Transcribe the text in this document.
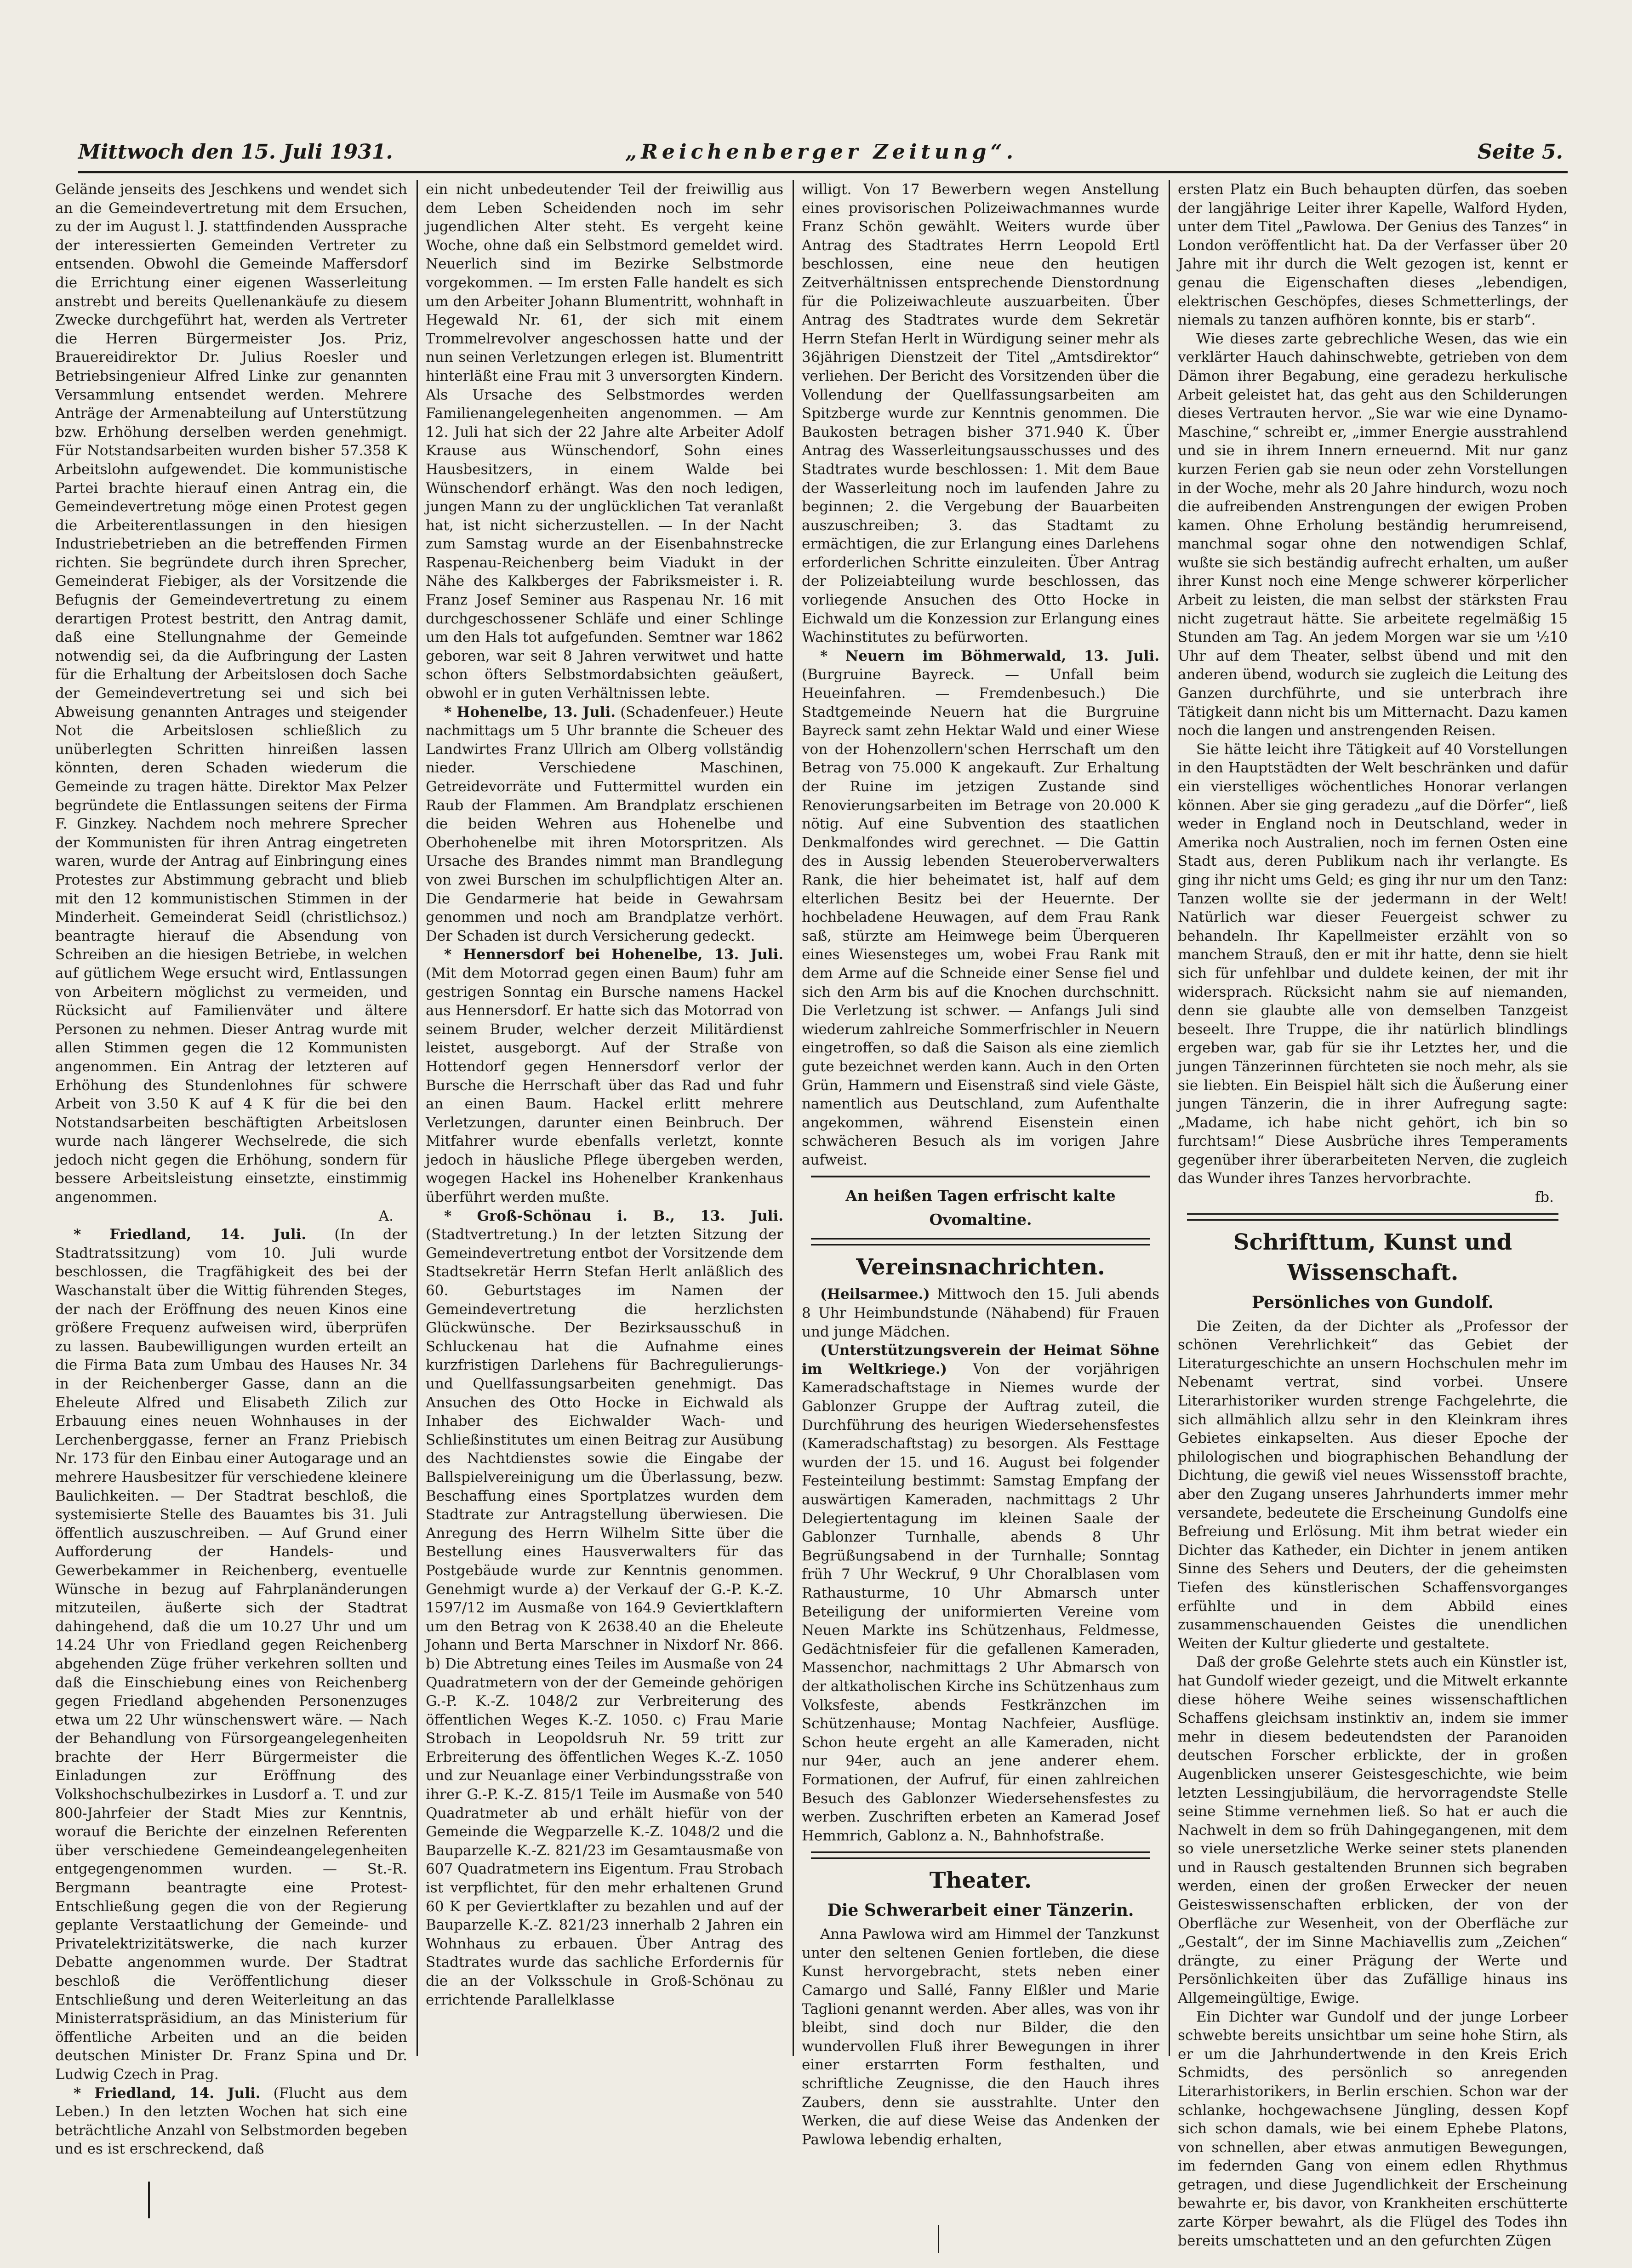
Mittwoch den 15. Juli 1931.	„Reichenberger Zeitung“.	Seite 5.

Gelände jenseits des Jeschkens und wendet sich an die Gemeindevertretung mit dem Ersuchen, zu der im August l. J. stattfindenden Aussprache der interessierten Gemeinden Vertreter zu entsenden. Obwohl die Gemeinde Maffersdorf die Errichtung einer eigenen Wasserleitung anstrebt und bereits Quellenankäufe zu diesem Zwecke durchgeführt hat, werden als Vertreter die Herren Bürgermeister Jos. Priz, Brauereidirektor Dr. Julius Roesler und Betriebsingenieur Alfred Linke zur genannten Versammlung entsendet werden. Mehrere Anträge der Armenabteilung auf Unterstützung bzw. Erhöhung derselben werden genehmigt. Für Notstandsarbeiten wurden bisher 57.358 K Arbeitslohn aufgewendet. Die kommunistische Partei brachte hierauf einen Antrag ein, die Gemeindevertretung möge einen Protest gegen die Arbeiterentlassungen in den hiesigen Industriebetrieben an die betreffenden Firmen richten. Sie begründete durch ihren Sprecher, Gemeinderat Fiebiger, als der Vorsitzende die Befugnis der Gemeindevertretung zu einem derartigen Protest bestritt, den Antrag damit, daß eine Stellungnahme der Gemeinde notwendig sei, da die Aufbringung der Lasten für die Erhaltung der Arbeitslosen doch Sache der Gemeindevertretung sei und sich bei Abweisung genannten Antrages und steigender Not die Arbeitslosen schließlich zu unüberlegten Schritten hinreißen lassen könnten, deren Schaden wiederum die Gemeinde zu tragen hätte. Direktor Max Pelzer begründete die Entlassungen seitens der Firma F. Ginzkey. Nachdem noch mehrere Sprecher der Kommunisten für ihren Antrag eingetreten waren, wurde der Antrag auf Einbringung eines Protestes zur Abstimmung gebracht und blieb mit den 12 kommunistischen Stimmen in der Minderheit. Gemeinderat Seidl (christlichsoz.) beantragte hierauf die Absendung von Schreiben an die hiesigen Betriebe, in welchen auf gütlichem Wege ersucht wird, Entlassungen von Arbeitern möglichst zu vermeiden, und Rücksicht auf Familienväter und ältere Personen zu nehmen. Dieser Antrag wurde mit allen Stimmen gegen die 12 Kommunisten angenommen. Ein Antrag der letzteren auf Erhöhung des Stundenlohnes für schwere Arbeit von 3.50 K auf 4 K für die bei den Notstandsarbeiten beschäftigten Arbeitslosen wurde nach längerer Wechselrede, die sich jedoch nicht gegen die Erhöhung, sondern für bessere Arbeitsleistung einsetzte, einstimmig angenommen.

A.

* Friedland, 14. Juli. (In der Stadtratssitzung) vom 10. Juli wurde beschlossen, die Tragfähigkeit des bei der Waschanstalt über die Wittig führenden Steges, der nach der Eröffnung des neuen Kinos eine größere Frequenz aufweisen wird, überprüfen zu lassen. Baubewilligungen wurden erteilt an die Firma Bata zum Umbau des Hauses Nr. 34 in der Reichenberger Gasse, dann an die Eheleute Alfred und Elisabeth Zilich zur Erbauung eines neuen Wohnhauses in der Lerchenberggasse, ferner an Franz Priebisch Nr. 173 für den Einbau einer Autogarage und an mehrere Hausbesitzer für verschiedene kleinere Baulichkeiten. — Der Stadtrat beschloß, die systemisierte Stelle des Bauamtes bis 31. Juli öffentlich auszuschreiben. — Auf Grund einer Aufforderung der Handels- und Gewerbekammer in Reichenberg, eventuelle Wünsche in bezug auf Fahrplanänderungen mitzuteilen, äußerte sich der Stadtrat dahingehend, daß die um 10.27 Uhr und um 14.24 Uhr von Friedland gegen Reichenberg abgehenden Züge früher verkehren sollten und daß die Einschiebung eines von Reichenberg gegen Friedland abgehenden Personenzuges etwa um 22 Uhr wünschenswert wäre. — Nach der Behandlung von Fürsorgeangelegenheiten brachte der Herr Bürgermeister die Einladungen zur Eröffnung des Volkshochschulbezirkes in Lusdorf a. T. und zur 800-Jahrfeier der Stadt Mies zur Kenntnis, worauf die Berichte der einzelnen Referenten über verschiedene Gemeindeangelegenheiten entgegengenommen wurden. — St.-R. Bergmann beantragte eine Protest-Entschließung gegen die von der Regierung geplante Verstaatlichung der Gemeinde- und Privatelektrizitätswerke, die nach kurzer Debatte angenommen wurde. Der Stadtrat beschloß die Veröffentlichung dieser Entschließung und deren Weiterleitung an das Ministerratspräsidium, an das Ministerium für öffentliche Arbeiten und an die beiden deutschen Minister Dr. Franz Spina und Dr. Ludwig Czech in Prag.

* Friedland, 14. Juli. (Flucht aus dem Leben.) In den letzten Wochen hat sich eine beträchtliche Anzahl von Selbstmorden begeben und es ist erschreckend, daß

ein nicht unbedeutender Teil der freiwillig aus dem Leben Scheidenden noch im sehr jugendlichen Alter steht. Es vergeht keine Woche, ohne daß ein Selbstmord gemeldet wird. Neuerlich sind im Bezirke Selbstmorde vorgekommen. — Im ersten Falle handelt es sich um den Arbeiter Johann Blumentritt, wohnhaft in Hegewald Nr. 61, der sich mit einem Trommelrevolver angeschossen hatte und der nun seinen Verletzungen erlegen ist. Blumentritt hinterläßt eine Frau mit 3 unversorgten Kindern. Als Ursache des Selbstmordes werden Familienangelegenheiten angenommen. — Am 12. Juli hat sich der 22 Jahre alte Arbeiter Adolf Krause aus Wünschendorf, Sohn eines Hausbesitzers, in einem Walde bei Wünschendorf erhängt. Was den noch ledigen, jungen Mann zu der unglücklichen Tat veranlaßt hat, ist nicht sicherzustellen. — In der Nacht zum Samstag wurde an der Eisenbahnstrecke Raspenau-Reichenberg beim Viadukt in der Nähe des Kalkberges der Fabriksmeister i. R. Franz Josef Seminer aus Raspenau Nr. 16 mit durchgeschossener Schläfe und einer Schlinge um den Hals tot aufgefunden. Semtner war 1862 geboren, war seit 8 Jahren verwitwet und hatte schon öfters Selbstmordabsichten geäußert, obwohl er in guten Verhältnissen lebte.

* Hohenelbe, 13. Juli. (Schadenfeuer.) Heute nachmittags um 5 Uhr brannte die Scheuer des Landwirtes Franz Ullrich am Olberg vollständig nieder. Verschiedene Maschinen, Getreidevorräte und Futtermittel wurden ein Raub der Flammen. Am Brandplatz erschienen die beiden Wehren aus Hohenelbe und Oberhohenelbe mit ihren Motorspritzen. Als Ursache des Brandes nimmt man Brandlegung von zwei Burschen im schulpflichtigen Alter an. Die Gendarmerie hat beide in Gewahrsam genommen und noch am Brandplatze verhört. Der Schaden ist durch Versicherung gedeckt.

* Hennersdorf bei Hohenelbe, 13. Juli. (Mit dem Motorrad gegen einen Baum) fuhr am gestrigen Sonntag ein Bursche namens Hackel aus Hennersdorf. Er hatte sich das Motorrad von seinem Bruder, welcher derzeit Militärdienst leistet, ausgeborgt. Auf der Straße von Hottendorf gegen Hennersdorf verlor der Bursche die Herrschaft über das Rad und fuhr an einen Baum. Hackel erlitt mehrere Verletzungen, darunter einen Beinbruch. Der Mitfahrer wurde ebenfalls verletzt, konnte jedoch in häusliche Pflege übergeben werden, wogegen Hackel ins Hohenelber Krankenhaus überführt werden mußte.

* Groß-Schönau i. B., 13. Juli. (Stadtvertretung.) In der letzten Sitzung der Gemeindevertretung entbot der Vorsitzende dem Stadtsekretär Herrn Stefan Herlt anläßlich des 60. Geburtstages im Namen der Gemeindevertretung die herzlichsten Glückwünsche. Der Bezirksausschuß in Schluckenau hat die Aufnahme eines kurzfristigen Darlehens für Bachregulierungs- und Quellfassungsarbeiten genehmigt. Das Ansuchen des Otto Hocke in Eichwald als Inhaber des Eichwalder Wach- und Schließinstitutes um einen Beitrag zur Ausübung des Nachtdienstes sowie die Eingabe der Ballspielvereinigung um die Überlassung, bezw. Beschaffung eines Sportplatzes wurden dem Stadtrate zur Antragstellung überwiesen. Die Anregung des Herrn Wilhelm Sitte über die Bestellung eines Hausverwalters für das Postgebäude wurde zur Kenntnis genommen. Genehmigt wurde a) der Verkauf der G.-P. K.-Z. 1597/12 im Ausmaße von 164.9 Geviertklaftern um den Betrag von K 2638.40 an die Eheleute Johann und Berta Marschner in Nixdorf Nr. 866. b) Die Abtretung eines Teiles im Ausmaße von 24 Quadratmetern von der der Gemeinde gehörigen G.-P. K.-Z. 1048/2 zur Verbreiterung des öffentlichen Weges K.-Z. 1050. c) Frau Marie Strobach in Leopoldsruh Nr. 59 tritt zur Erbreiterung des öffentlichen Weges K.-Z. 1050 und zur Neuanlage einer Verbindungsstraße von ihrer G.-P. K.-Z. 815/1 Teile im Ausmaße von 540 Quadratmeter ab und erhält hiefür von der Gemeinde die Wegparzelle K.-Z. 1048/2 und die Bauparzelle K.-Z. 821/23 im Gesamtausmaße von 607 Quadratmetern ins Eigentum. Frau Strobach ist verpflichtet, für den mehr erhaltenen Grund 60 K per Geviertklafter zu bezahlen und auf der Bauparzelle K.-Z. 821/23 innerhalb 2 Jahren ein Wohnhaus zu erbauen. Über Antrag des Stadtrates wurde das sachliche Erfordernis für die an der Volksschule in Groß-Schönau zu errichtende Parallelklasse

willigt. Von 17 Bewerbern wegen Anstellung eines provisorischen Polizeiwachmannes wurde Franz Schön gewählt. Weiters wurde über Antrag des Stadtrates Herrn Leopold Ertl beschlossen, eine neue den heutigen Zeitverhältnissen entsprechende Dienstordnung für die Polizeiwachleute auszuarbeiten. Über Antrag des Stadtrates wurde dem Sekretär Herrn Stefan Herlt in Würdigung seiner mehr als 36jährigen Dienstzeit der Titel „Amtsdirektor“ verliehen. Der Bericht des Vorsitzenden über die Vollendung der Quellfassungsarbeiten am Spitzberge wurde zur Kenntnis genommen. Die Baukosten betragen bisher 371.940 K. Über Antrag des Wasserleitungsausschusses und des Stadtrates wurde beschlossen: 1. Mit dem Baue der Wasserleitung noch im laufenden Jahre zu beginnen; 2. die Vergebung der Bauarbeiten auszuschreiben; 3. das Stadtamt zu ermächtigen, die zur Erlangung eines Darlehens erforderlichen Schritte einzuleiten. Über Antrag der Polizeiabteilung wurde beschlossen, das vorliegende Ansuchen des Otto Hocke in Eichwald um die Konzession zur Erlangung eines Wachinstitutes zu befürworten.

* Neuern im Böhmerwald, 13. Juli. (Burgruine Bayreck. — Unfall beim Heueinfahren. — Fremdenbesuch.) Die Stadtgemeinde Neuern hat die Burgruine Bayreck samt zehn Hektar Wald und einer Wiese von der Hohenzollern'schen Herrschaft um den Betrag von 75.000 K angekauft. Zur Erhaltung der Ruine im jetzigen Zustande sind Renovierungsarbeiten im Betrage von 20.000 K nötig. Auf eine Subvention des staatlichen Denkmalfondes wird gerechnet. — Die Gattin des in Aussig lebenden Steueroberverwalters Rank, die hier beheimatet ist, half auf dem elterlichen Besitz bei der Heuernte. Der hochbeladene Heuwagen, auf dem Frau Rank saß, stürzte am Heimwege beim Überqueren eines Wiesensteges um, wobei Frau Rank mit dem Arme auf die Schneide einer Sense fiel und sich den Arm bis auf die Knochen durchschnitt. Die Verletzung ist schwer. — Anfangs Juli sind wiederum zahlreiche Sommerfrischler in Neuern eingetroffen, so daß die Saison als eine ziemlich gute bezeichnet werden kann. Auch in den Orten Grün, Hammern und Eisenstraß sind viele Gäste, namentlich aus Deutschland, zum Aufenthalte angekommen, während Eisenstein einen schwächeren Besuch als im vorigen Jahre aufweist.

An heißen Tagen erfrischt kalte Ovomaltine.
Vereinsnachrichten.

(Heilsarmee.) Mittwoch den 15. Juli abends 8 Uhr Heimbundstunde (Nähabend) für Frauen und junge Mädchen.

(Unterstützungsverein der Heimat Söhne im Weltkriege.) Von der vorjährigen Kameradschaftstage in Niemes wurde der Gablonzer Gruppe der Auftrag zuteil, die Durchführung des heurigen Wiedersehensfestes (Kameradschaftstag) zu besorgen. Als Festtage wurden der 15. und 16. August bei folgender Festeinteilung bestimmt: Samstag Empfang der auswärtigen Kameraden, nachmittags 2 Uhr Delegiertentagung im kleinen Saale der Gablonzer Turnhalle, abends 8 Uhr Begrüßungsabend in der Turnhalle; Sonntag früh 7 Uhr Weckruf, 9 Uhr Choralblasen vom Rathausturme, 10 Uhr Abmarsch unter Beteiligung der uniformierten Vereine vom Neuen Markte ins Schützenhaus, Feldmesse, Gedächtnisfeier für die gefallenen Kameraden, Massenchor, nachmittags 2 Uhr Abmarsch von der altkatholischen Kirche ins Schützenhaus zum Volksfeste, abends Festkränzchen im Schützenhause; Montag Nachfeier, Ausflüge. Schon heute ergeht an alle Kameraden, nicht nur 94er, auch an jene anderer ehem. Formationen, der Aufruf, für einen zahlreichen Besuch des Gablonzer Wiedersehensfestes zu werben. Zuschriften erbeten an Kamerad Josef Hemmrich, Gablonz a. N., Bahnhofstraße.

Theater.
Die Schwerarbeit einer Tänzerin.

Anna Pawlowa wird am Himmel der Tanzkunst unter den seltenen Genien fortleben, die diese Kunst hervorgebracht, stets neben einer Camargo und Sallé, Fanny Elßler und Marie Taglioni genannt werden. Aber alles, was von ihr bleibt, sind doch nur Bilder, die den wundervollen Fluß ihrer Bewegungen in ihrer einer erstarrten Form festhalten, und schriftliche Zeugnisse, die den Hauch ihres Zaubers, denn sie ausstrahlte. Unter den Werken, die auf diese Weise das Andenken der Pawlowa lebendig erhalten,

ersten Platz ein Buch behaupten dürfen, das soeben der langjährige Leiter ihrer Kapelle, Walford Hyden, unter dem Titel „Pawlowa. Der Genius des Tanzes“ in London veröffentlicht hat. Da der Verfasser über 20 Jahre mit ihr durch die Welt gezogen ist, kennt er genau die Eigenschaften dieses „lebendigen, elektrischen Geschöpfes, dieses Schmetterlings, der niemals zu tanzen aufhören konnte, bis er starb“.

Wie dieses zarte gebrechliche Wesen, das wie ein verklärter Hauch dahinschwebte, getrieben von dem Dämon ihrer Begabung, eine geradezu herkulische Arbeit geleistet hat, das geht aus den Schilderungen dieses Vertrauten hervor. „Sie war wie eine Dynamo-Maschine,“ schreibt er, „immer Energie ausstrahlend und sie in ihrem Innern erneuernd. Mit nur ganz kurzen Ferien gab sie neun oder zehn Vorstellungen in der Woche, mehr als 20 Jahre hindurch, wozu noch die aufreibenden Anstrengungen der ewigen Proben kamen. Ohne Erholung beständig herumreisend, manchmal sogar ohne den notwendigen Schlaf, wußte sie sich beständig aufrecht erhalten, um außer ihrer Kunst noch eine Menge schwerer körperlicher Arbeit zu leisten, die man selbst der stärksten Frau nicht zugetraut hätte. Sie arbeitete regelmäßig 15 Stunden am Tag. An jedem Morgen war sie um ½10 Uhr auf dem Theater, selbst übend und mit den anderen übend, wodurch sie zugleich die Leitung des Ganzen durchführte, und sie unterbrach ihre Tätigkeit dann nicht bis um Mitternacht. Dazu kamen noch die langen und anstrengenden Reisen.

Sie hätte leicht ihre Tätigkeit auf 40 Vorstellungen in den Hauptstädten der Welt beschränken und dafür ein vierstelliges wöchentliches Honorar verlangen können. Aber sie ging geradezu „auf die Dörfer“, ließ weder in England noch in Deutschland, weder in Amerika noch Australien, noch im fernen Osten eine Stadt aus, deren Publikum nach ihr verlangte. Es ging ihr nicht ums Geld; es ging ihr nur um den Tanz: Tanzen wollte sie der jedermann in der Welt! Natürlich war dieser Feuergeist schwer zu behandeln. Ihr Kapellmeister erzählt von so manchem Strauß, den er mit ihr hatte, denn sie hielt sich für unfehlbar und duldete keinen, der mit ihr widersprach. Rücksicht nahm sie auf niemanden, denn sie glaubte alle von demselben Tanzgeist beseelt. Ihre Truppe, die ihr natürlich blindlings ergeben war, gab für sie ihr Letztes her, und die jungen Tänzerinnen fürchteten sie noch mehr, als sie sie liebten. Ein Beispiel hält sich die Äußerung einer jungen Tänzerin, die in ihrer Aufregung sagte: „Madame, ich habe nicht gehört, ich bin so furchtsam!“ Diese Ausbrüche ihres Temperaments gegenüber ihrer überarbeiteten Nerven, die zugleich das Wunder ihres Tanzes hervorbrachte.

fb.

Schrifttum, Kunst und Wissenschaft.
Persönliches von Gundolf.

Die Zeiten, da der Dichter als „Professor der schönen Verehrlichkeit“ das Gebiet der Literaturgeschichte an unsern Hochschulen mehr im Nebenamt vertrat, sind vorbei. Unsere Literarhistoriker wurden strenge Fachgelehrte, die sich allmählich allzu sehr in den Kleinkram ihres Gebietes einkapselten. Aus dieser Epoche der philologischen und biographischen Behandlung der Dichtung, die gewiß viel neues Wissensstoff brachte, aber den Zugang unseres Jahrhunderts immer mehr versandete, bedeutete die Erscheinung Gundolfs eine Befreiung und Erlösung. Mit ihm betrat wieder ein Dichter das Katheder, ein Dichter in jenem antiken Sinne des Sehers und Deuters, der die geheimsten Tiefen des künstlerischen Schaffensvorganges erfühlte und in dem Abbild eines zusammenschauenden Geistes die unendlichen Weiten der Kultur gliederte und gestaltete.

Daß der große Gelehrte stets auch ein Künstler ist, hat Gundolf wieder gezeigt, und die Mitwelt erkannte diese höhere Weihe seines wissenschaftlichen Schaffens gleichsam instinktiv an, indem sie immer mehr in diesem bedeutendsten der Paranoiden deutschen Forscher erblickte, der in großen Augenblicken unserer Geistesgeschichte, wie beim letzten Lessingjubiläum, die hervorragendste Stelle seine Stimme vernehmen ließ. So hat er auch die Nachwelt in dem so früh Dahingegangenen, mit dem so viele unersetzliche Werke seiner stets planenden und in Rausch gestaltenden Brunnen sich begraben werden, einen der großen Erwecker der neuen Geisteswissenschaften erblicken, der von der Oberfläche zur Wesenheit, von der Oberfläche zur „Gestalt“, der im Sinne Machiavellis zum „Zeichen“ drängte, zu einer Prägung der Werte und Persönlichkeiten über das Zufällige hinaus ins Allgemeingültige, Ewige.

Ein Dichter war Gundolf und der junge Lorbeer schwebte bereits unsichtbar um seine hohe Stirn, als er um die Jahrhundertwende in den Kreis Erich Schmidts, des persönlich so anregenden Literarhistorikers, in Berlin erschien. Schon war der schlanke, hochgewachsene Jüngling, dessen Kopf sich schon damals, wie bei einem Ephebe Platons, von schnellen, aber etwas anmutigen Bewegungen, im federnden Gang von einem edlen Rhythmus getragen, und diese Jugendlichkeit der Erscheinung bewahrte er, bis davor, von Krankheiten erschütterte zarte Körper bewahrt, als die Flügel des Todes ihn bereits umschatteten und an den gefurchten Zügen
